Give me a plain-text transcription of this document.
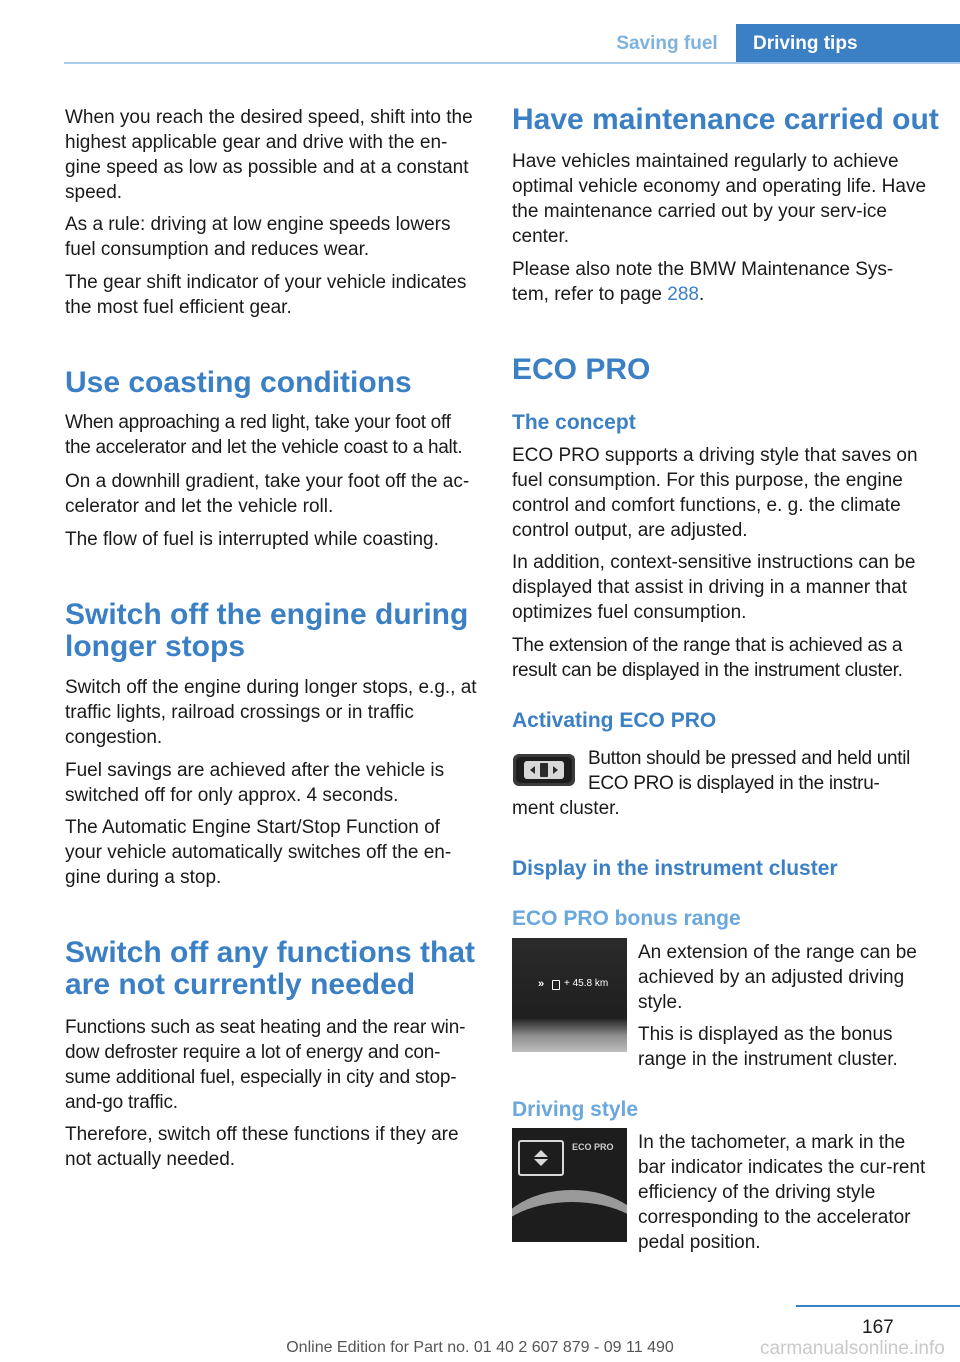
Saving fuel	Driving tips
When you reach the desired speed, shift into the highest applicable gear and drive with the en-gine speed as low as possible and at a constant speed.
As a rule: driving at low engine speeds lowers fuel consumption and reduces wear.
The gear shift indicator of your vehicle indicates the most fuel efficient gear.
Use coasting conditions
When approaching a red light, take your foot off the accelerator and let the vehicle coast to a halt.
On a downhill gradient, take your foot off the ac-celerator and let the vehicle roll.
The flow of fuel is interrupted while coasting.
Switch off the engine during longer stops
Switch off the engine during longer stops, e.g., at traffic lights, railroad crossings or in traffic congestion.
Fuel savings are achieved after the vehicle is switched off for only approx. 4 seconds.
The Automatic Engine Start/Stop Function of your vehicle automatically switches off the en-gine during a stop.
Switch off any functions that are not currently needed
Functions such as seat heating and the rear win-dow defroster require a lot of energy and con-sume additional fuel, especially in city and stop-and-go traffic.
Therefore, switch off these functions if they are not actually needed.
Have maintenance carried out
Have vehicles maintained regularly to achieve optimal vehicle economy and operating life. Have the maintenance carried out by your serv-ice center.
Please also note the BMW Maintenance Sys-tem, refer to page 288.
ECO PRO
The concept
ECO PRO supports a driving style that saves on fuel consumption. For this purpose, the engine control and comfort functions, e. g. the climate control output, are adjusted.
In addition, context-sensitive instructions can be displayed that assist in driving in a manner that optimizes fuel consumption.
The extension of the range that is achieved as a result can be displayed in the instrument cluster.
Activating ECO PRO
Button should be pressed and held until ECO PRO is displayed in the instru-
ment cluster.
Display in the instrument cluster
ECO PRO bonus range
» + 45.8 km
An extension of the range can be achieved by an adjusted driving style.
This is displayed as the bonus range in the instrument cluster.
Driving style
ECO PRO In the tachometer, a mark in the bar indicator indicates the cur-rent efficiency of the driving style corresponding to the accelerator pedal position.
167
Online Edition for Part no. 01 40 2 607 879 - 09 11 490	carmanualsonline.info
